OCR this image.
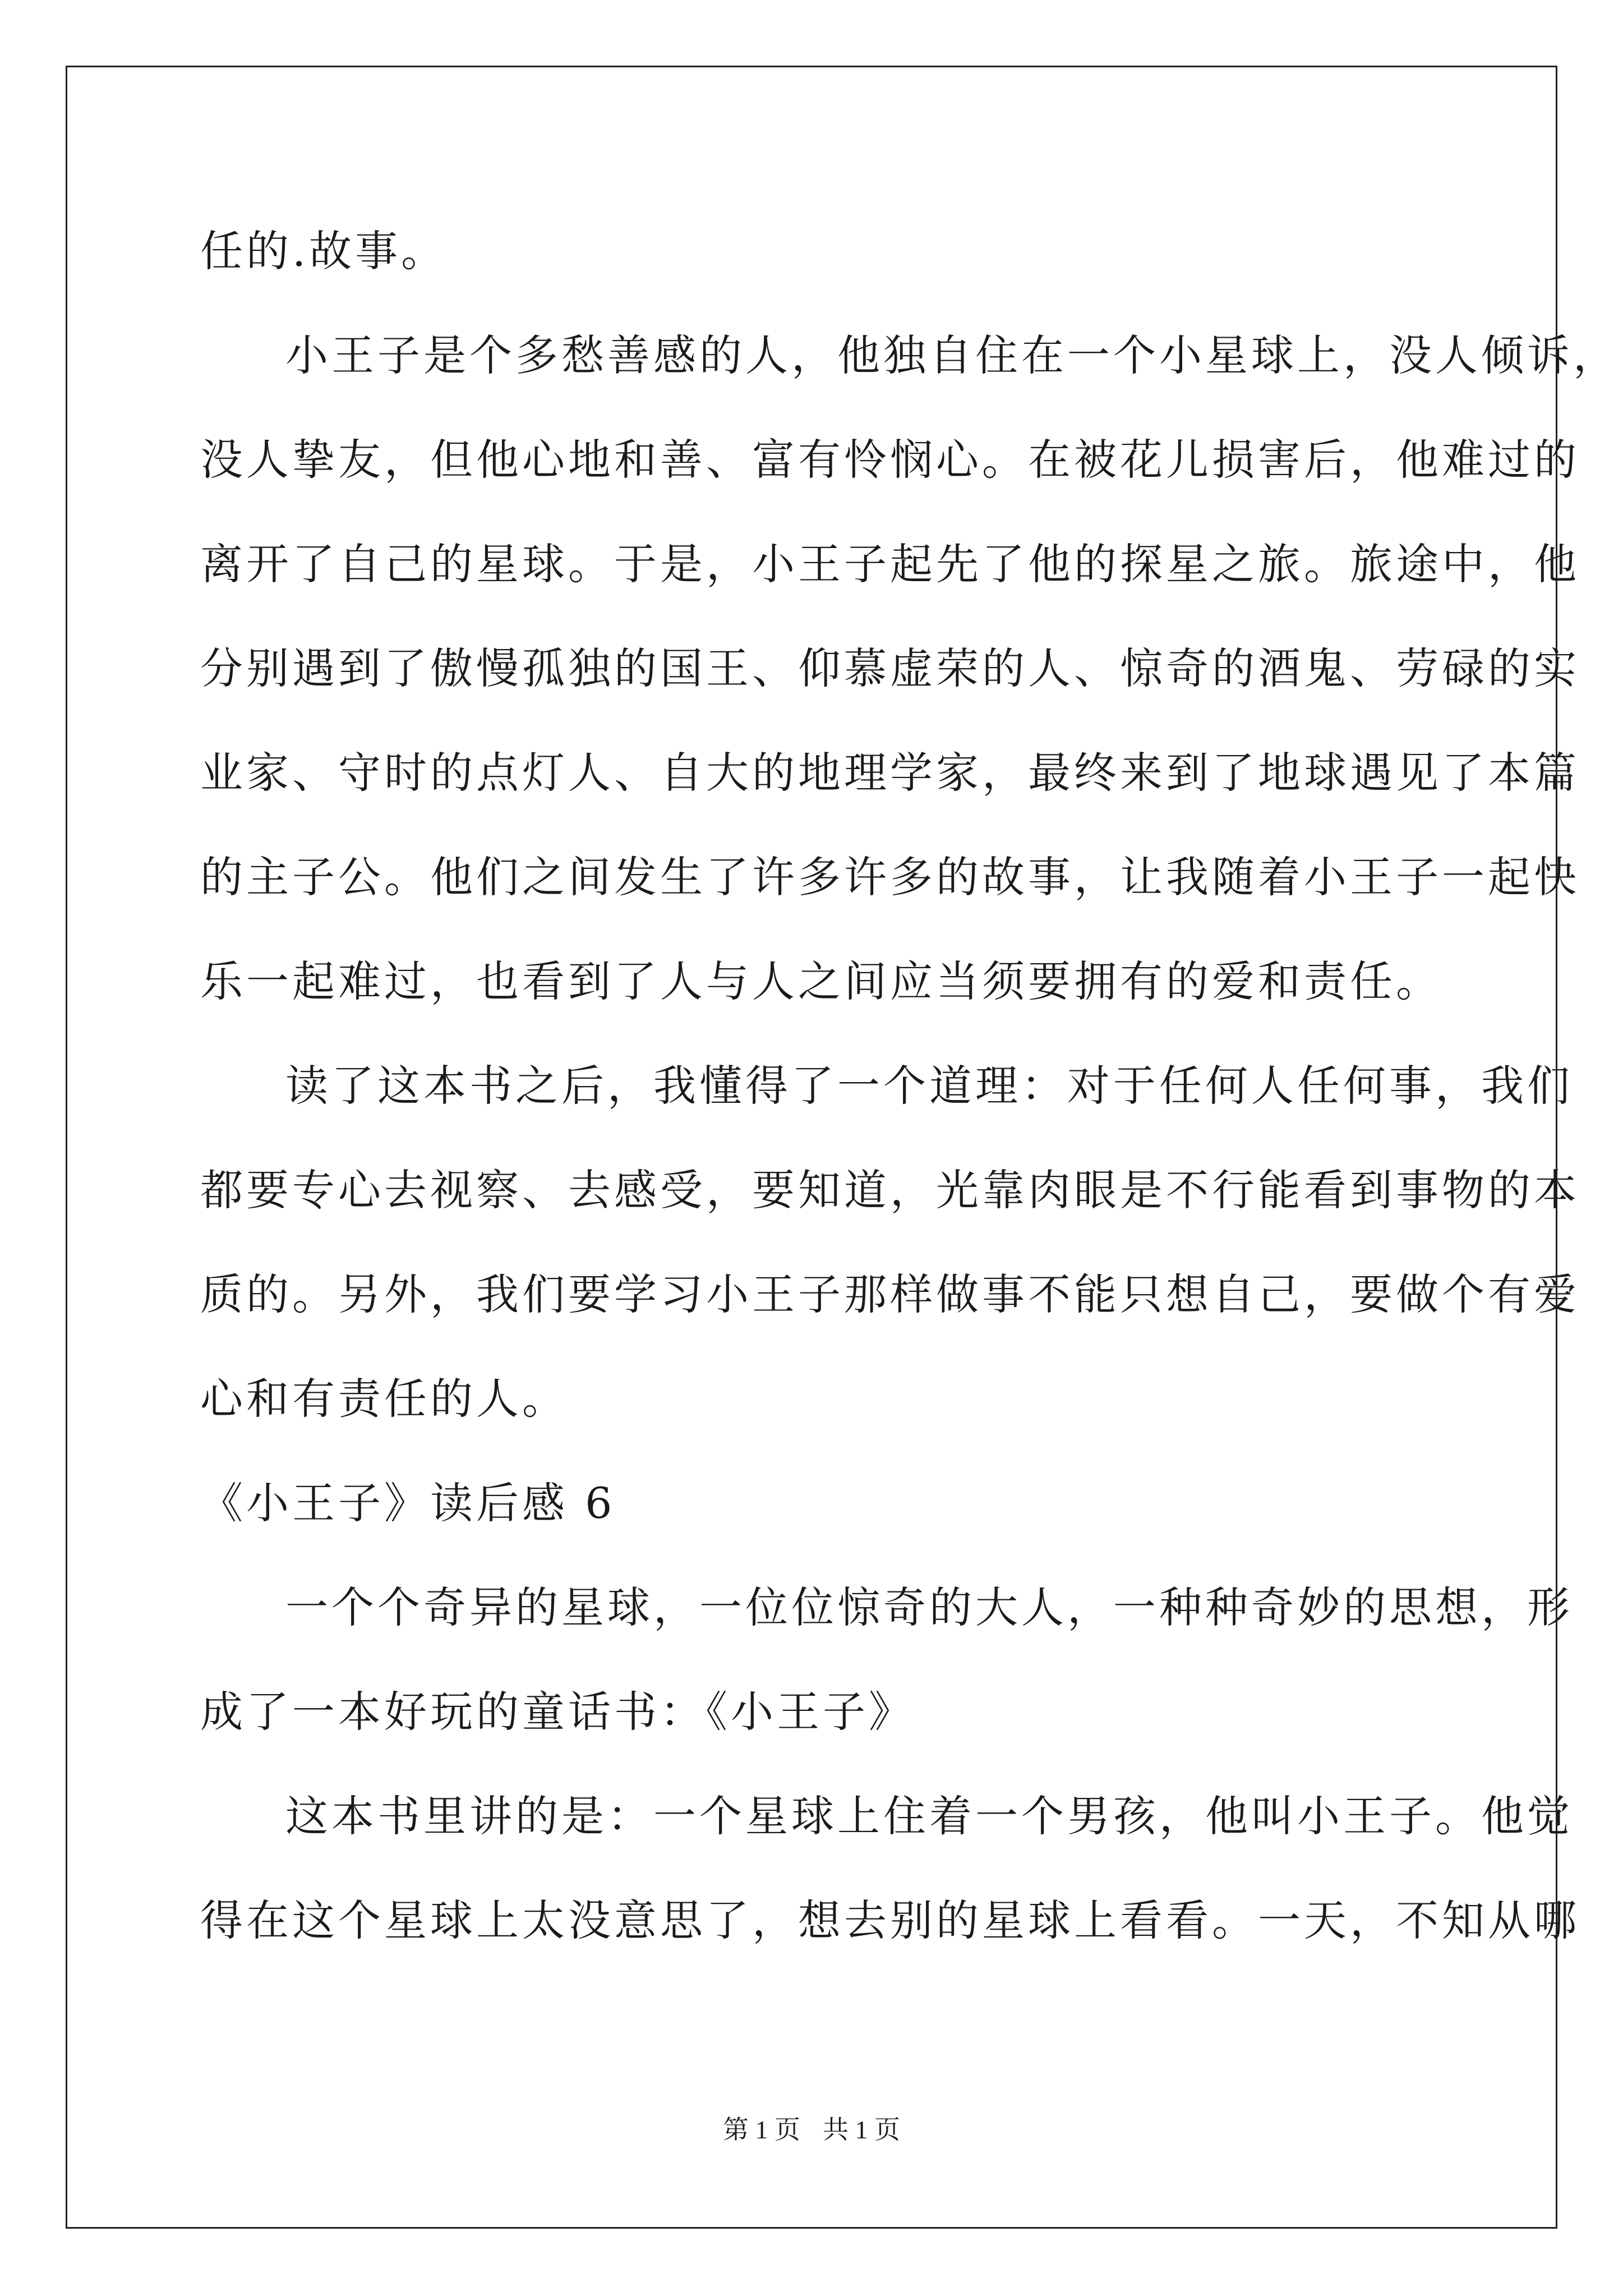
任的.故事。
小王子是个多愁善感的人，他独自住在一个小星球上，没人倾诉，
没人挚友，但他心地和善、富有怜悯心。在被花儿损害后，他难过的
离开了自己的星球。于是，小王子起先了他的探星之旅。旅途中，他
分别遇到了傲慢孤独的国王、仰慕虚荣的人、惊奇的酒鬼、劳碌的实
业家、守时的点灯人、自大的地理学家，最终来到了地球遇见了本篇
的主子公。他们之间发生了许多许多的故事，让我随着小王子一起快
乐一起难过，也看到了人与人之间应当须要拥有的爱和责任。
读了这本书之后，我懂得了一个道理：对于任何人任何事，我们
都要专心去视察、去感受，要知道，光靠肉眼是不行能看到事物的本
质的。另外，我们要学习小王子那样做事不能只想自己，要做个有爱
心和有责任的人。
《小王子》读后感 6
一个个奇异的星球，一位位惊奇的大人，一种种奇妙的思想，形
成了一本好玩的童话书：《小王子》
这本书里讲的是：一个星球上住着一个男孩，他叫小王子。他觉
得在这个星球上太没意思了，想去别的星球上看看。一天，不知从哪
第 1 页 共 1 页
